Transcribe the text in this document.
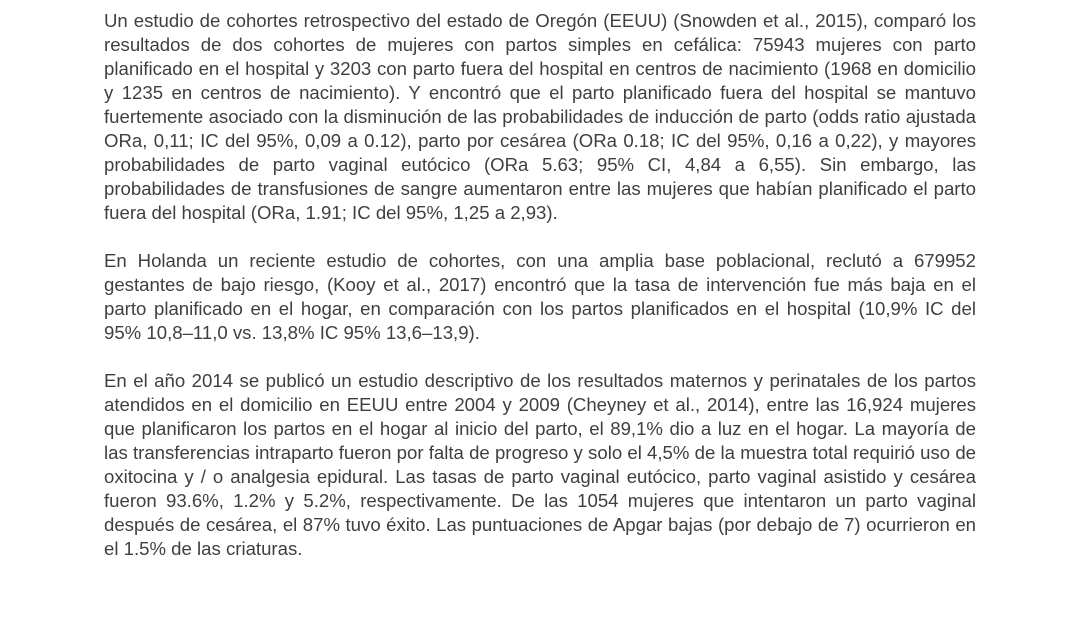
Un estudio de cohortes retrospectivo del estado de Oregón (EEUU) (Snowden et al., 2015), comparó los resultados de dos cohortes de mujeres con partos simples en cefálica: 75943 mujeres con parto planificado en el hospital y 3203 con parto fuera del hospital en centros de nacimiento (1968 en domicilio y 1235 en centros de nacimiento). Y encontró que el parto planificado fuera del hospital se mantuvo fuertemente asociado con la disminución de las probabilidades de inducción de parto (odds ratio ajustada ORa, 0,11; IC del 95%, 0,09 a 0.12), parto por cesárea (ORa 0.18; IC del 95%, 0,16 a 0,22), y mayores probabilidades de parto vaginal eutócico (ORa 5.63; 95% CI, 4,84 a 6,55). Sin embargo, las probabilidades de transfusiones de sangre aumentaron entre las mujeres que habían planificado el parto fuera del hospital (ORa, 1.91; IC del 95%, 1,25 a 2,93).

En Holanda un reciente estudio de cohortes, con una amplia base poblacional, reclutó a 679952 gestantes de bajo riesgo, (Kooy et al., 2017) encontró que la tasa de intervención fue más baja en el parto planificado en el hogar, en comparación con los partos planificados en el hospital (10,9% IC del 95% 10,8–11,0 vs. 13,8% IC 95% 13,6–13,9).

En el año 2014 se publicó un estudio descriptivo de los resultados maternos y perinatales de los partos atendidos en el domicilio en EEUU entre 2004 y 2009 (Cheyney et al., 2014), entre las 16,924 mujeres que planificaron los partos en el hogar al inicio del parto, el 89,1% dio a luz en el hogar. La mayoría de las transferencias intraparto fueron por falta de progreso y solo el 4,5% de la muestra total requirió uso de oxitocina y / o analgesia epidural. Las tasas de parto vaginal eutócico, parto vaginal asistido y cesárea fueron 93.6%, 1.2% y 5.2%, respectivamente. De las 1054 mujeres que intentaron un parto vaginal después de cesárea, el 87% tuvo éxito. Las puntuaciones de Apgar bajas (por debajo de 7) ocurrieron en el 1.5% de las criaturas.
